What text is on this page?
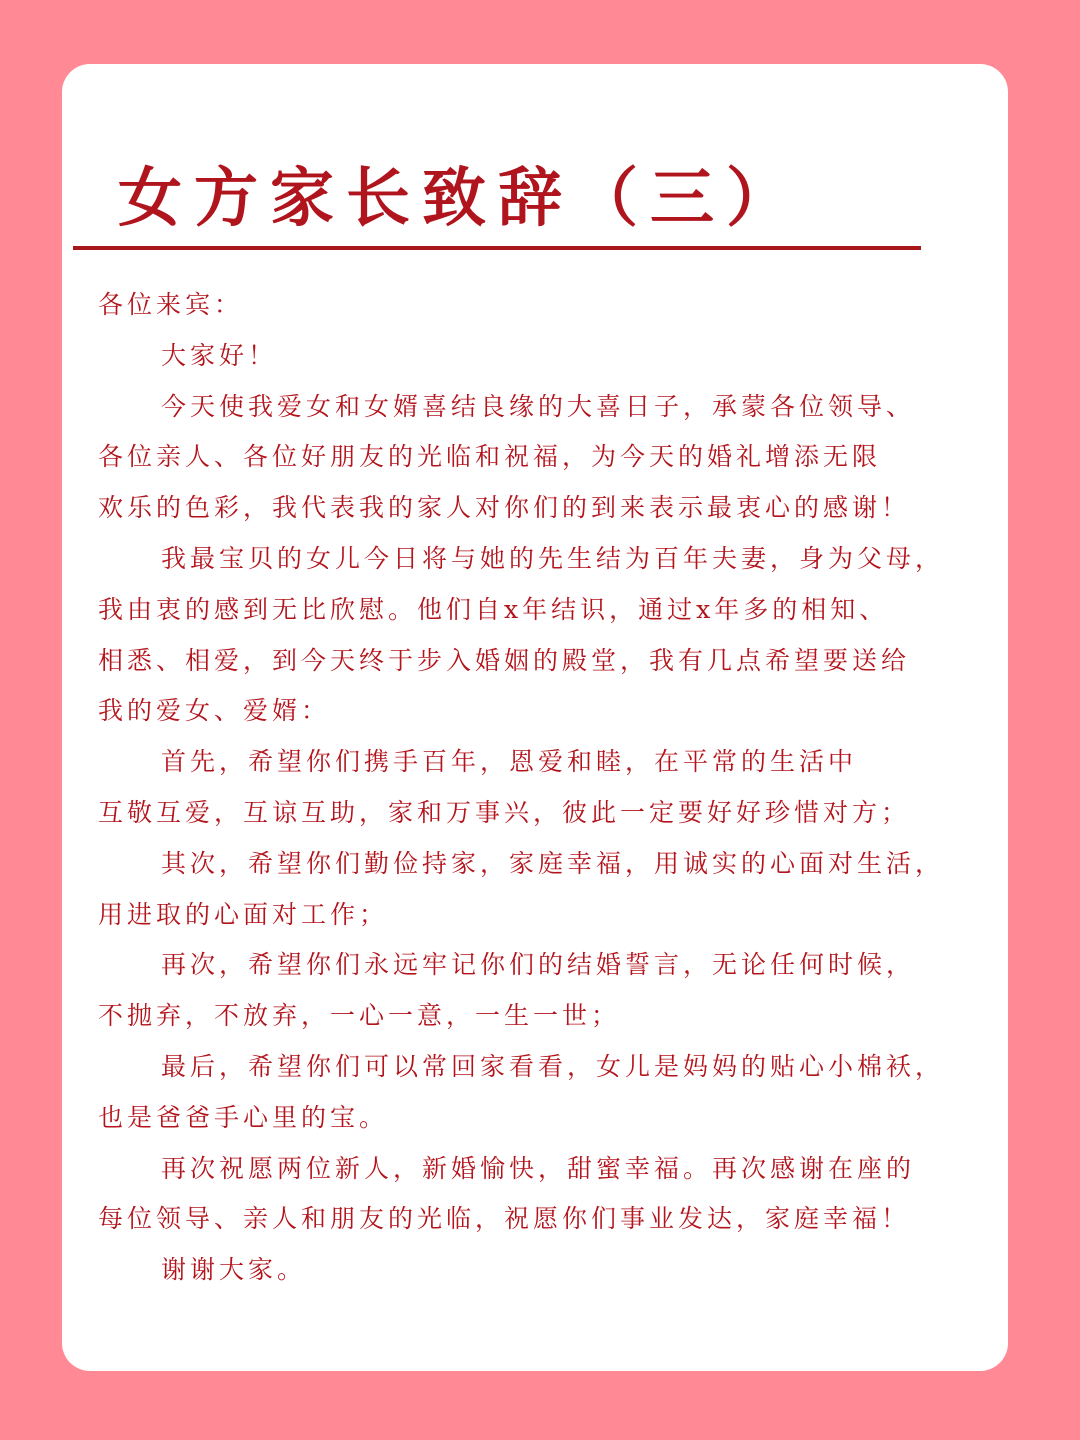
女方家长致辞（三）

各位来宾：

大家好！

今天使我爱女和女婿喜结良缘的大喜日子，承蒙各位领导、

各位亲人、各位好朋友的光临和祝福，为今天的婚礼增添无限

欢乐的色彩，我代表我的家人对你们的到来表示最衷心的感谢！

我最宝贝的女儿今日将与她的先生结为百年夫妻，身为父母，

我由衷的感到无比欣慰。他们自x年结识，通过x年多的相知、

相悉、相爱，到今天终于步入婚姻的殿堂，我有几点希望要送给

我的爱女、爱婿：

首先，希望你们携手百年，恩爱和睦，在平常的生活中

互敬互爱，互谅互助，家和万事兴，彼此一定要好好珍惜对方；

其次，希望你们勤俭持家，家庭幸福，用诚实的心面对生活，

用进取的心面对工作；

再次，希望你们永远牢记你们的结婚誓言，无论任何时候，

不抛弃，不放弃，一心一意，一生一世；

最后，希望你们可以常回家看看，女儿是妈妈的贴心小棉袄，

也是爸爸手心里的宝。

再次祝愿两位新人，新婚愉快，甜蜜幸福。再次感谢在座的

每位领导、亲人和朋友的光临，祝愿你们事业发达，家庭幸福！

谢谢大家。
